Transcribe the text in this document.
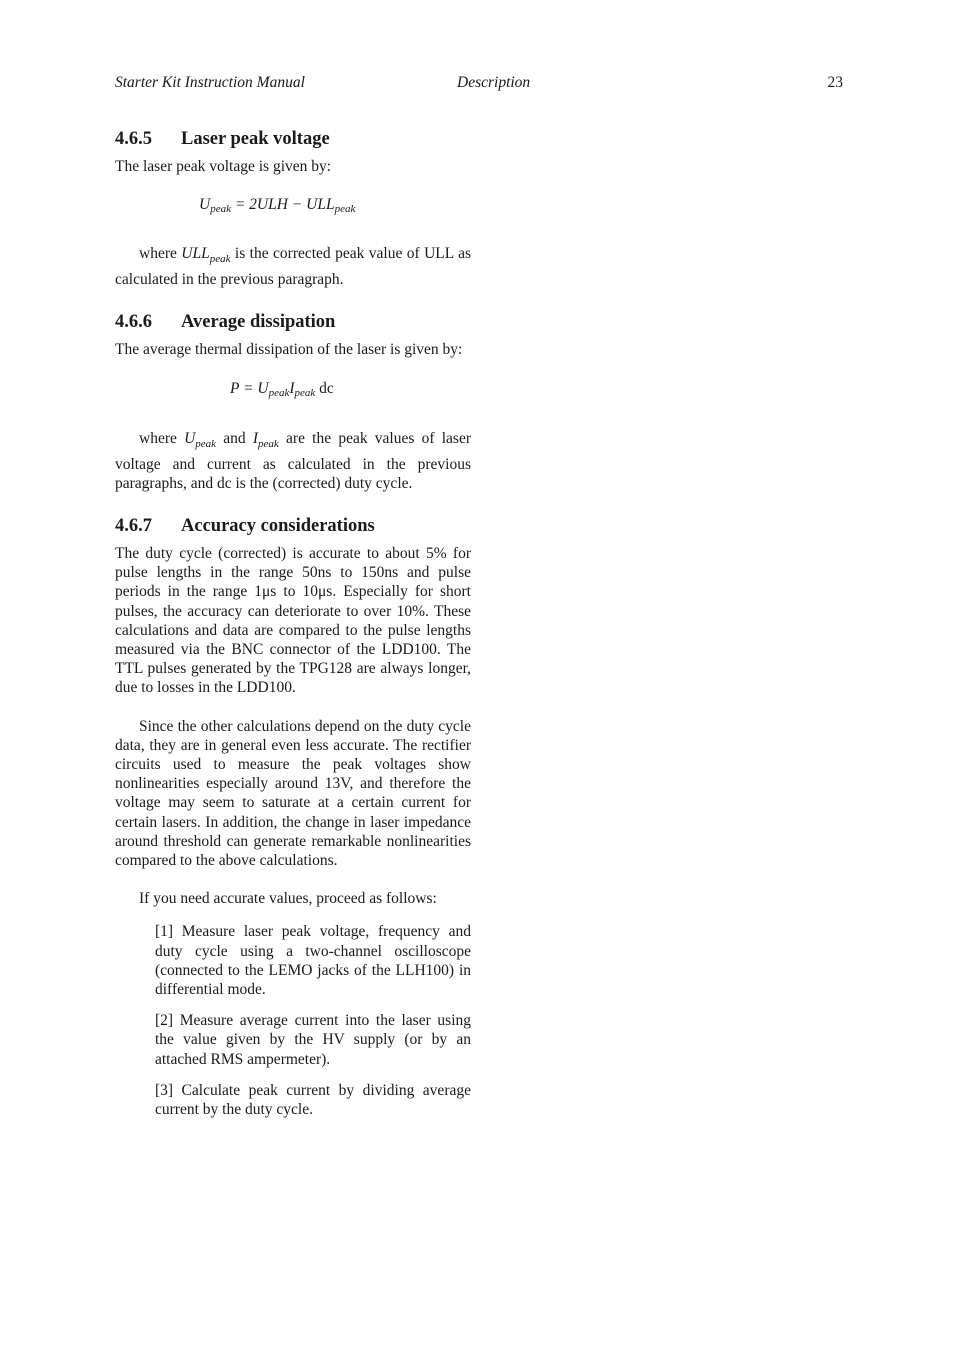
Starter Kit Instruction Manual	Description	23
4.6.5 Laser peak voltage

The laser peak voltage is given by:

$U_{peak} = 2ULH - ULL_{peak}$

where $ULL_{peak}$ is the corrected peak value of ULL as calculated in the previous paragraph.

4.6.6 Average dissipation

The average thermal dissipation of the laser is given by:

$P = U_{peak}I_{peak}$ dc

where $U_{peak}$ and $I_{peak}$ are the peak values of laser voltage and current as calculated in the previous paragraphs, and dc is the (corrected) duty cycle.

4.6.7 Accuracy considerations

The duty cycle (corrected) is accurate to about 5% for pulse lengths in the range 50ns to 150ns and pulse periods in the range 1μs to 10μs. Especially for short pulses, the accuracy can deteriorate to over 10%. These calculations and data are compared to the pulse lengths measured via the BNC connector of the LDD100. The TTL pulses generated by the TPG128 are always longer, due to losses in the LDD100.

Since the other calculations depend on the duty cycle data, they are in general even less accurate. The rectifier circuits used to measure the peak voltages show nonlinearities especially around 13V, and therefore the voltage may seem to saturate at a certain current for certain lasers. In addition, the change in laser impedance around threshold can generate remarkable nonlinearities compared to the above calculations.

If you need accurate values, proceed as follows:

[1] Measure laser peak voltage, frequency and duty cycle using a two-channel oscilloscope (connected to the LEMO jacks of the LLH100) in differential mode.

[2] Measure average current into the laser using the value given by the HV supply (or by an attached RMS ampermeter).

[3] Calculate peak current by dividing average current by the duty cycle.
